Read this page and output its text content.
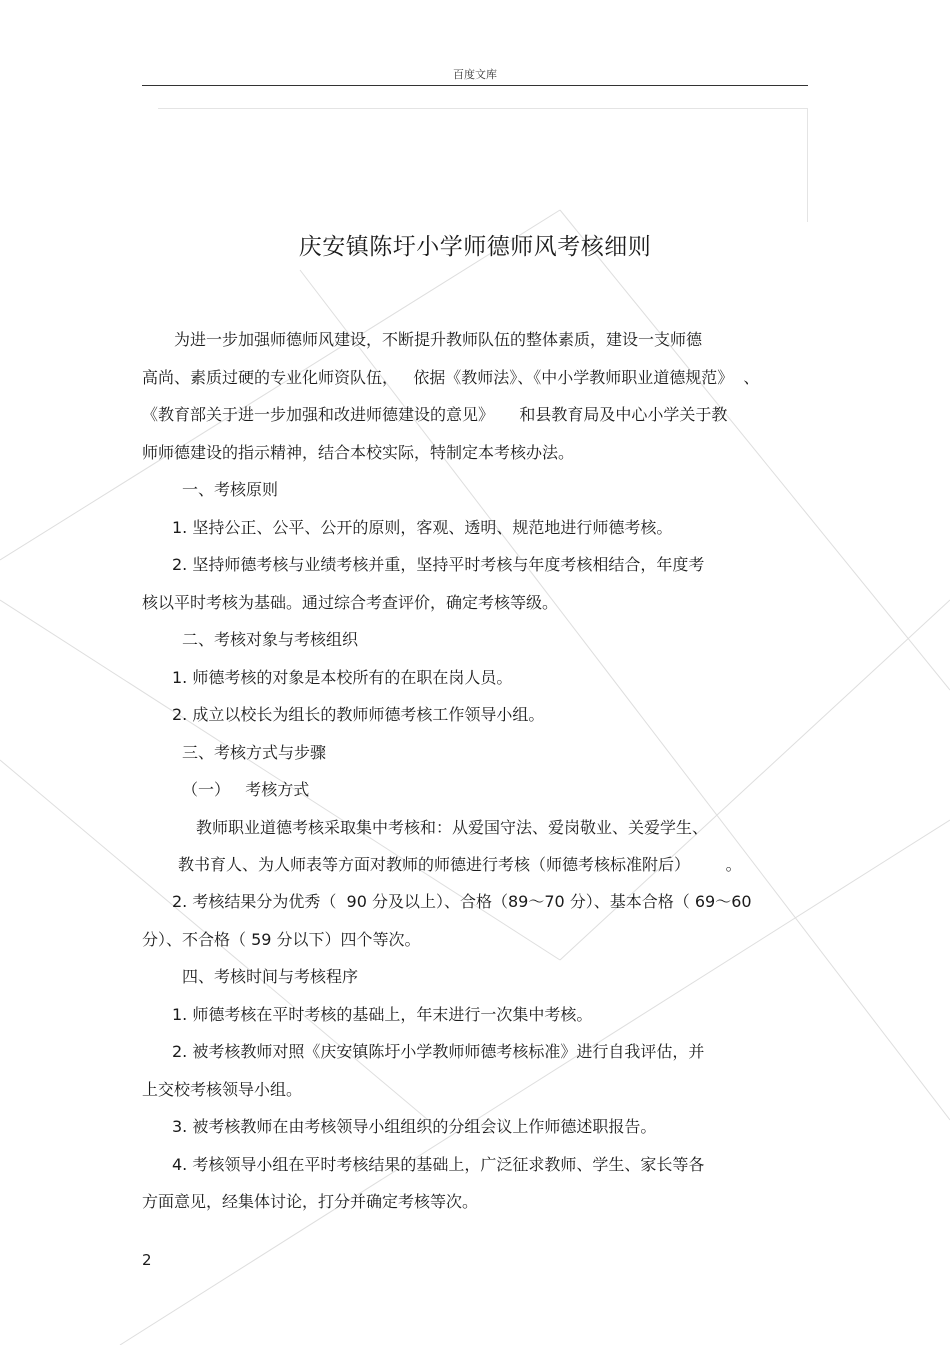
百度文库
庆安镇陈圩小学师德师风考核细则
为进一步加强师德师风建设，不断提升教师队伍的整体素质，建设一支师德
高尚、素质过硬的专业化师资队伍，   依据《教师法》、《中小学教师职业道德规范》  、
《教育部关于进一步加强和改进师德建设的意见》     和县教育局及中心小学关于教
师师德建设的指示精神，结合本校实际，特制定本考核办法。
一、考核原则
1. 坚持公正、公平、公开的原则，客观、透明、规范地进行师德考核。
2. 坚持师德考核与业绩考核并重，坚持平时考核与年度考核相结合，年度考
核以平时考核为基础。通过综合考查评价，确定考核等级。
二、考核对象与考核组织
1. 师德考核的对象是本校所有的在职在岗人员。
2. 成立以校长为组长的教师师德考核工作领导小组。
三、考核方式与步骤
（一）   考核方式
教师职业道德考核采取集中考核和：从爱国守法、爱岗敬业、关爱学生、
教书育人、为人师表等方面对教师的师德进行考核（师德考核标准附后）       。
2. 考核结果分为优秀（  90 分及以上）、合格（89～70 分）、基本合格（ 69～60
分）、不合格（ 59 分以下）四个等次。
四、考核时间与考核程序
1. 师德考核在平时考核的基础上，年末进行一次集中考核。
2. 被考核教师对照《庆安镇陈圩小学教师师德考核标准》进行自我评估，并
上交校考核领导小组。
3. 被考核教师在由考核领导小组组织的分组会议上作师德述职报告。
4. 考核领导小组在平时考核结果的基础上，广泛征求教师、学生、家长等各
方面意见，经集体讨论，打分并确定考核等次。
2
